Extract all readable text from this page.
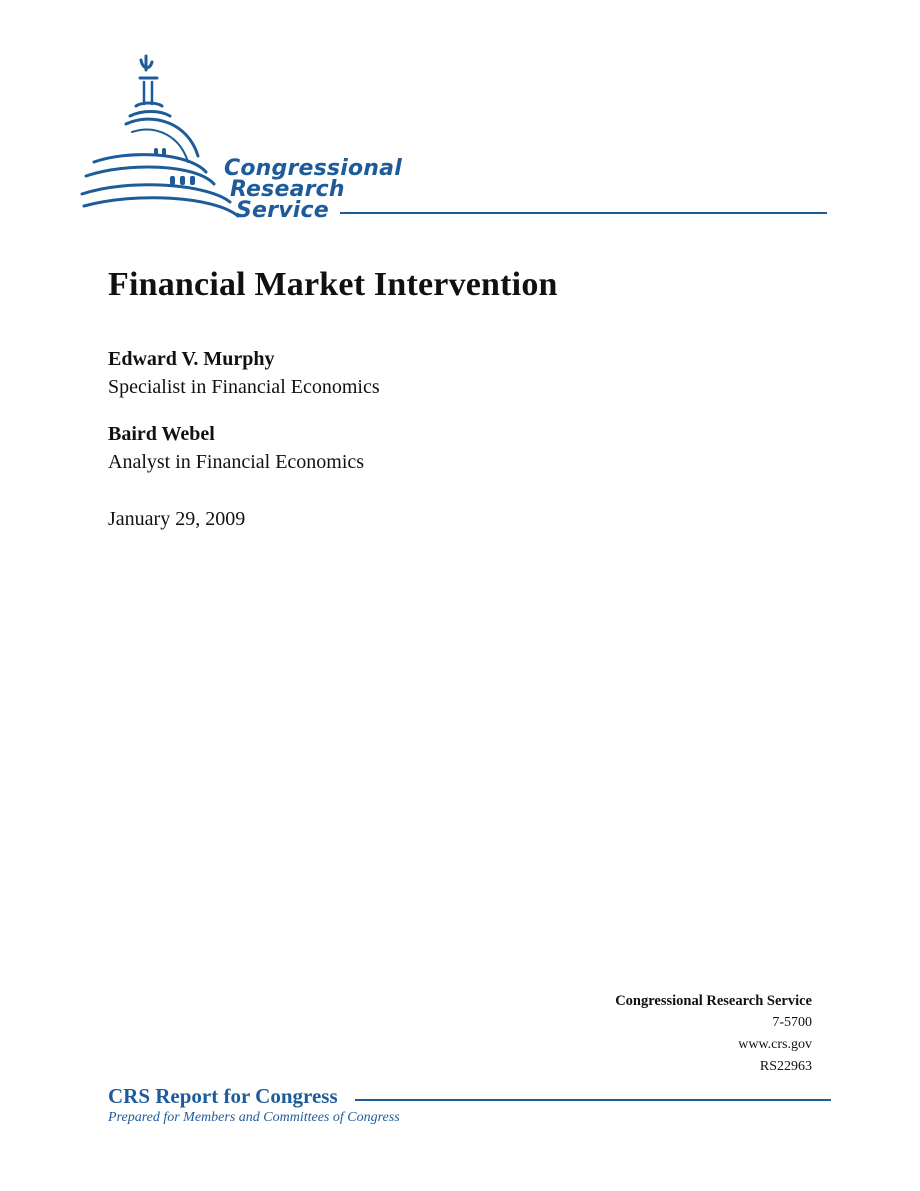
Congressional
Research
Service
Financial Market Intervention
Edward V. Murphy
Specialist in Financial Economics
Baird Webel
Analyst in Financial Economics
January 29, 2009
Congressional Research Service
7-5700
www.crs.gov
RS22963
CRS Report for Congress
Prepared for Members and Committees of Congress
